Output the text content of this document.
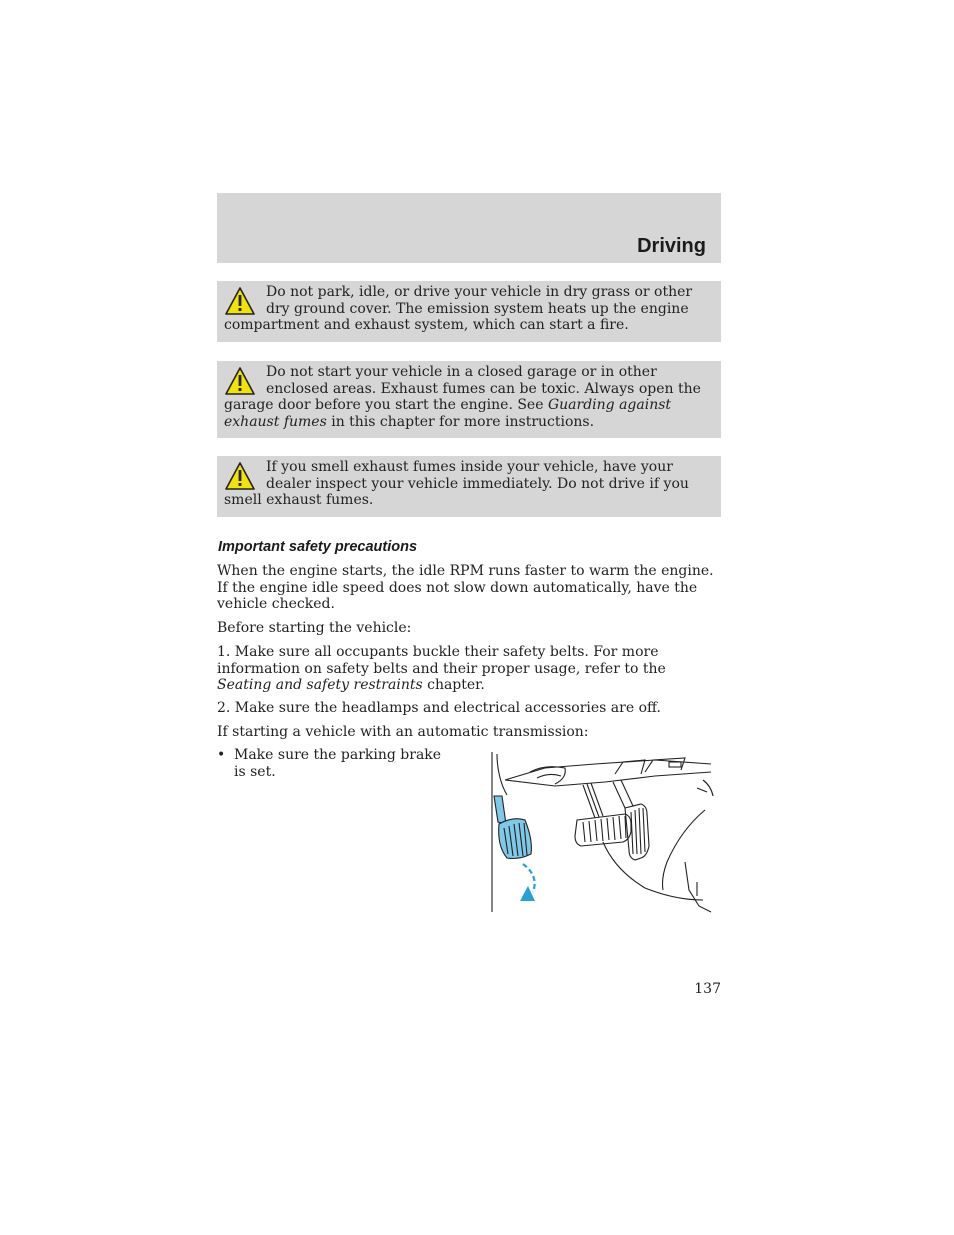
Driving
Do not park, idle, or drive your vehicle in dry grass or other dry ground cover. The emission system heats up the engine compartment and exhaust system, which can start a fire.
Do not start your vehicle in a closed garage or in other enclosed areas. Exhaust fumes can be toxic. Always open the garage door before you start the engine. See Guarding against exhaust fumes in this chapter for more instructions.
If you smell exhaust fumes inside your vehicle, have your dealer inspect your vehicle immediately. Do not drive if you smell exhaust fumes.
Important safety precautions
When the engine starts, the idle RPM runs faster to warm the engine. If the engine idle speed does not slow down automatically, have the vehicle checked.
Before starting the vehicle:
1. Make sure all occupants buckle their safety belts. For more information on safety belts and their proper usage, refer to the Seating and safety restraints chapter.
2. Make sure the headlamps and electrical accessories are off.
If starting a vehicle with an automatic transmission:
• Make sure the parking brake is set.
137
